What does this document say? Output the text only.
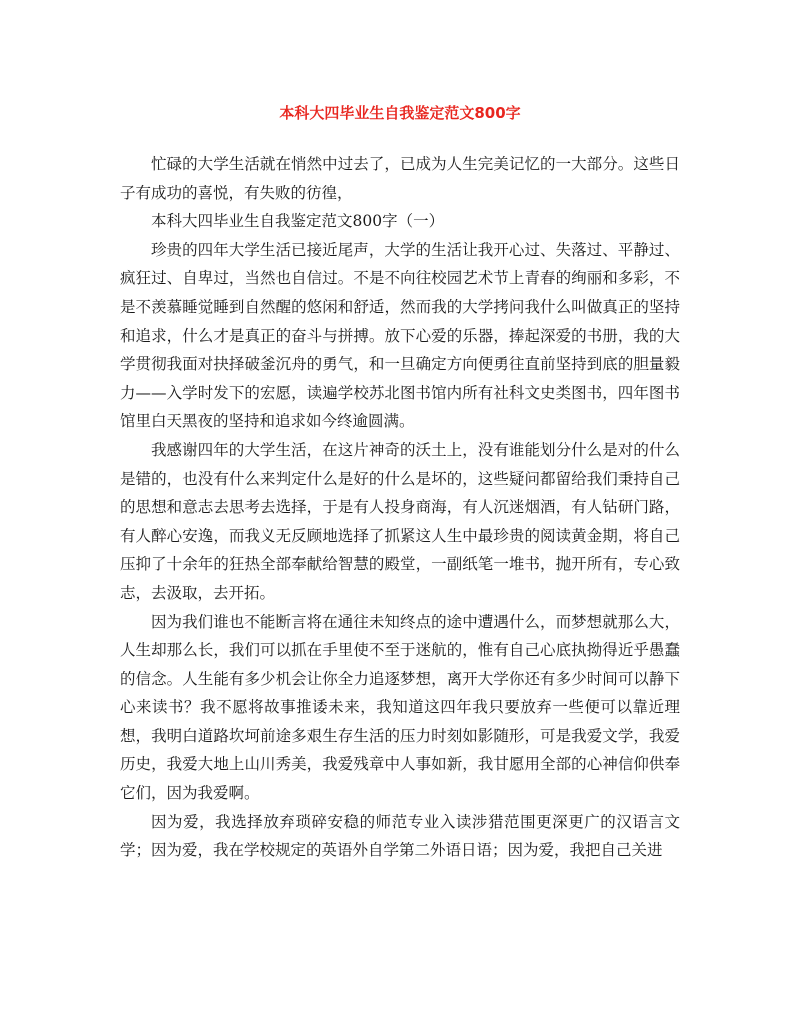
本科大四毕业生自我鉴定范文800字

忙碌的大学生活就在悄然中过去了，已成为人生完美记忆的一大部分。这些日子有成功的喜悦，有失败的彷徨，

本科大四毕业生自我鉴定范文800字（一）

珍贵的四年大学生活已接近尾声，大学的生活让我开心过、失落过、平静过、疯狂过、自卑过，当然也自信过。不是不向往校园艺术节上青春的绚丽和多彩，不是不羡慕睡觉睡到自然醒的悠闲和舒适，然而我的大学拷问我什么叫做真正的坚持和追求，什么才是真正的奋斗与拼搏。放下心爱的乐器，捧起深爱的书册，我的大学贯彻我面对抉择破釜沉舟的勇气，和一旦确定方向便勇往直前坚持到底的胆量毅力——入学时发下的宏愿，读遍学校苏北图书馆内所有社科文史类图书，四年图书馆里白天黑夜的坚持和追求如今终逾圆满。

我感谢四年的大学生活，在这片神奇的沃土上，没有谁能划分什么是对的什么是错的，也没有什么来判定什么是好的什么是坏的，这些疑问都留给我们秉持自己的思想和意志去思考去选择，于是有人投身商海，有人沉迷烟酒，有人钻研门路，有人醉心安逸，而我义无反顾地选择了抓紧这人生中最珍贵的阅读黄金期，将自己压抑了十余年的狂热全部奉献给智慧的殿堂，一副纸笔一堆书，抛开所有，专心致志，去汲取，去开拓。

因为我们谁也不能断言将在通往未知终点的途中遭遇什么，而梦想就那么大，人生却那么长，我们可以抓在手里使不至于迷航的，惟有自己心底执拗得近乎愚蠢的信念。人生能有多少机会让你全力追逐梦想，离开大学你还有多少时间可以静下心来读书？我不愿将故事推诿未来，我知道这四年我只要放弃一些便可以靠近理想，我明白道路坎坷前途多艰生存生活的压力时刻如影随形，可是我爱文学，我爱历史，我爱大地上山川秀美，我爱残章中人事如新，我甘愿用全部的心神信仰供奉它们，因为我爱啊。

因为爱，我选择放弃琐碎安稳的师范专业入读涉猎范围更深更广的汉语言文学；因为爱，我在学校规定的英语外自学第二外语日语；因为爱，我把自己关进
